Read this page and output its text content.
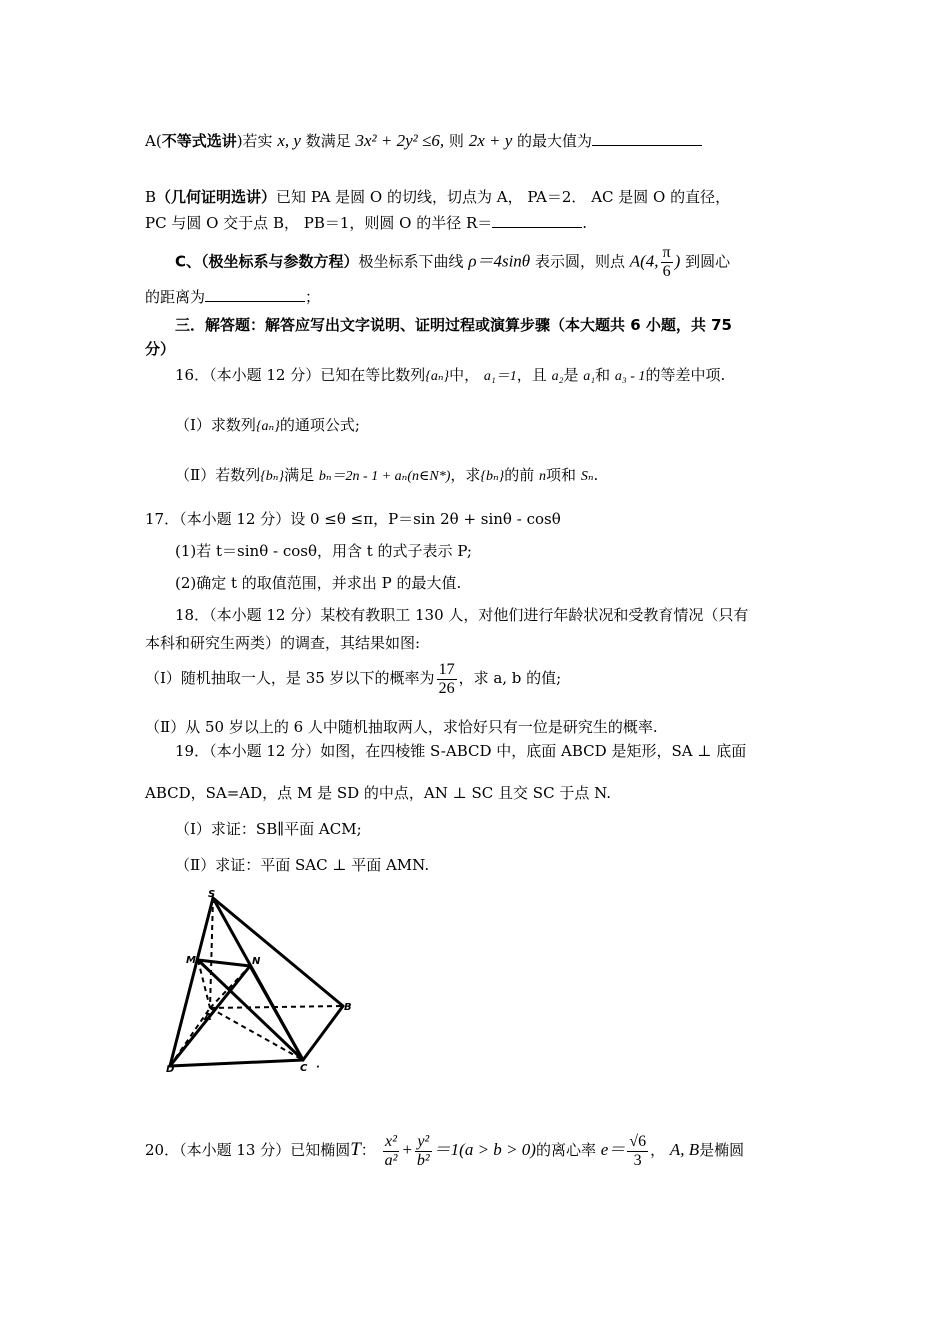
A(不等式选讲)若实 x, y 数满足 3x² + 2y² ≤6, 则 2x + y 的最大值为
B（几何证明选讲）已知 PA 是圆 O 的切线，切点为 A， PA＝2． AC 是圆 O 的直径，
PC 与圆 O 交于点 B， PB＝1，则圆 O 的半径 R＝	.
C、（极坐标系与参数方程）极坐标系下曲线 ρ＝4sinθ 表示圆，则点 A(4, $\frac{\pi}{6}$ ) 到圆心
的距离为	；
三．解答题：解答应写出文字说明、证明过程或演算步骤（本大题共 6 小题，共 75
分）
16．（本小题 12 分）已知在等比数列{aₙ}中， a₁＝1，且 a₂是 a₁和 a₃ - 1的等差中项.
（Ⅰ）求数列{aₙ}的通项公式;
（Ⅱ）若数列{bₙ}满足 bₙ＝2n - 1 + aₙ(n∈N*)，求{bₙ}的前 n项和 Sₙ.
17．（本小题 12 分）设 0 ≤θ ≤π，P＝sin 2θ + sinθ - cosθ
(1)若 t＝sinθ - cosθ，用含 t 的式子表示 P;
(2)确定 t 的取值范围，并求出 P 的最大值.
18．（本小题 12 分）某校有教职工 130 人，对他们进行年龄状况和受教育情况（只有
本科和研究生两类）的调查，其结果如图:
（Ⅰ）随机抽取一人，是 35 岁以下的概率为 $\frac{17}{26}$ ，求 a, b 的值;
（Ⅱ）从 50 岁以上的 6 人中随机抽取两人，求恰好只有一位是研究生的概率.
19．（本小题 12 分）如图，在四棱锥 S-ABCD 中，底面 ABCD 是矩形，SA ⊥ 底面
ABCD，SA=AD，点 M 是 SD 的中点，AN ⊥ SC 且交 SC 于点 N.
（Ⅰ）求证：SB∥平面 ACM;
（Ⅱ）求证：平面 SAC ⊥ 平面 AMN.
S
M	N
A
B
C
D	·
20．（本小题 13 分）已知椭圆T： $\frac{\text{x²}}{\text{a²}} + \frac{\text{y²}}{\text{b²}} =1(a > b > 0)$的离心率 $e= \frac{√6}{3}$ ， A, B是椭圆
